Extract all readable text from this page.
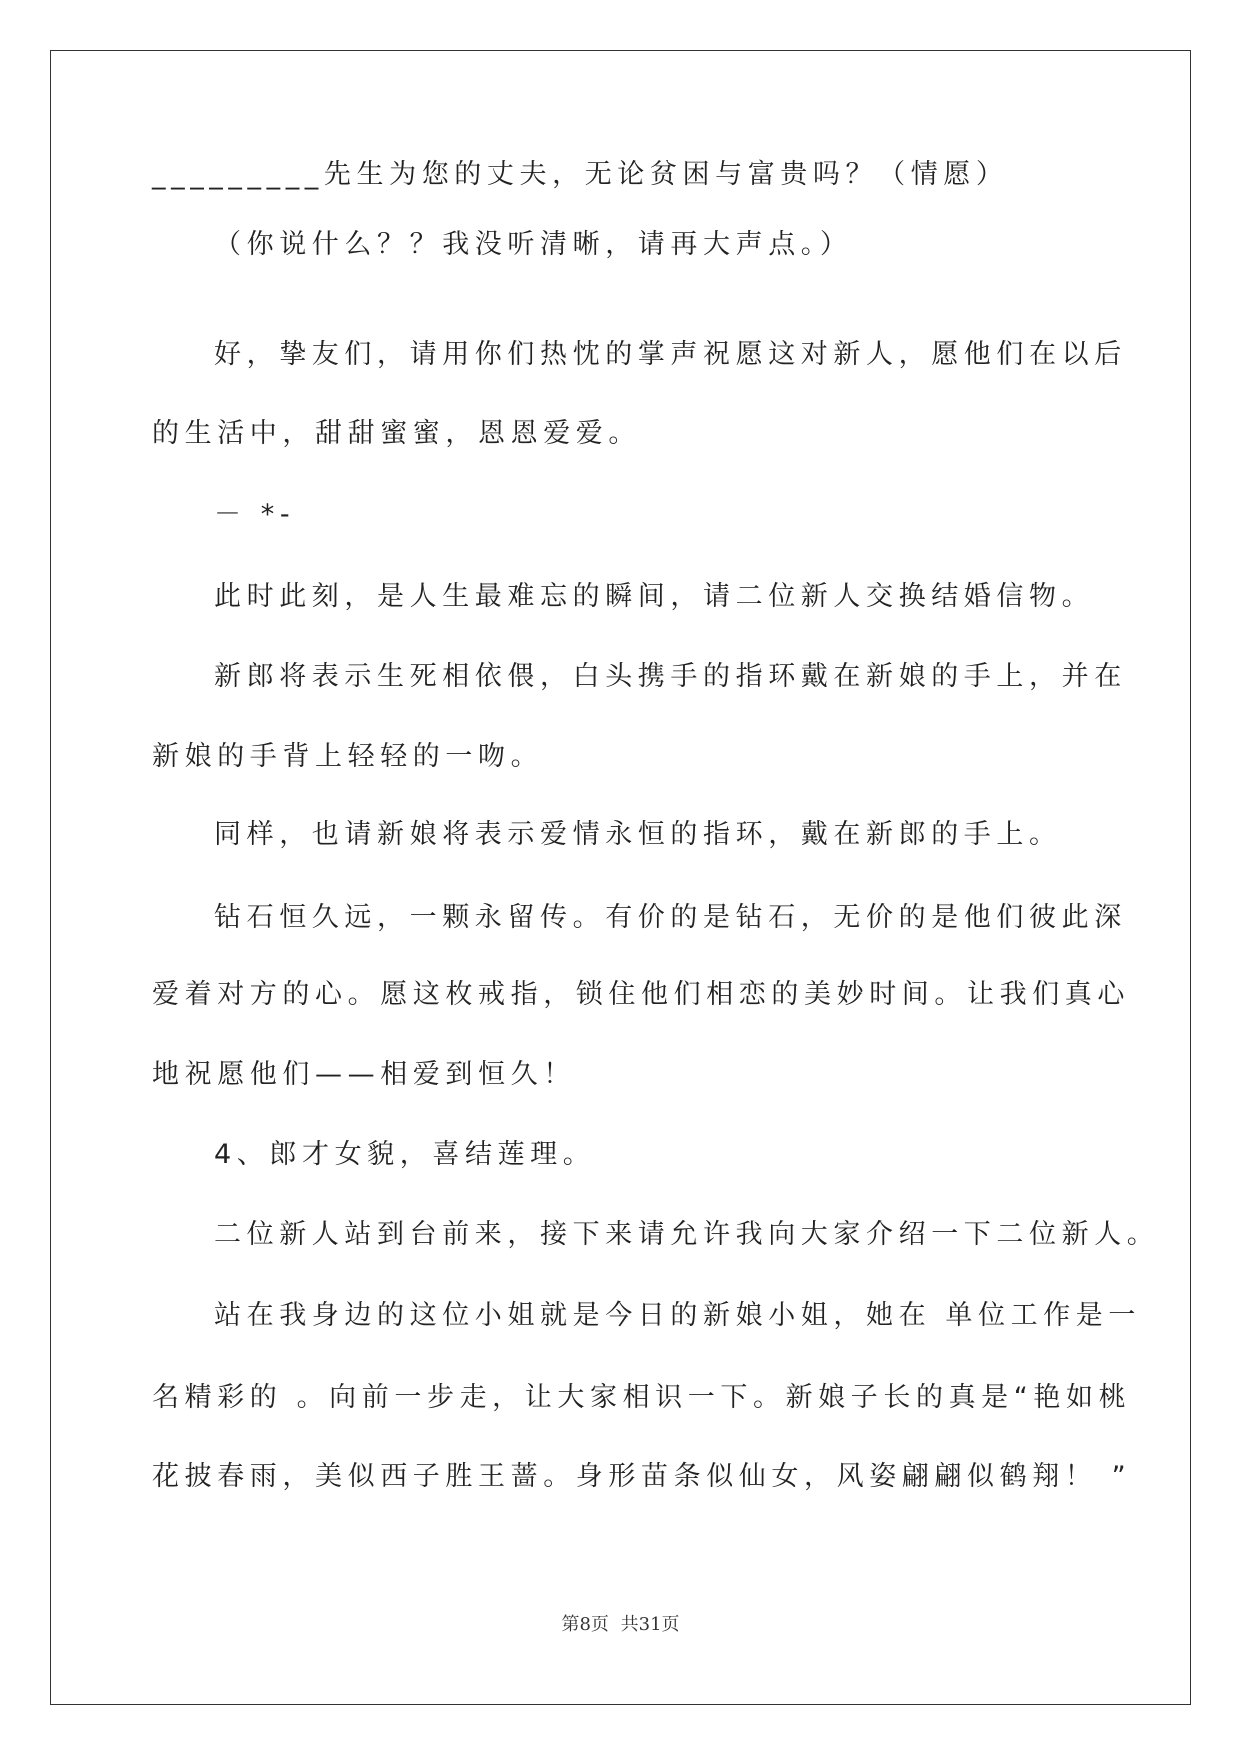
_________先生为您的丈夫，无论贫困与富贵吗？（情愿）
（你说什么？？我没听清晰，请再大声点。）
好，挚友们，请用你们热忱的掌声祝愿这对新人，愿他们在以后
的生活中，甜甜蜜蜜，恩恩爱爱。
－ *-
此时此刻，是人生最难忘的瞬间，请二位新人交换结婚信物。
新郎将表示生死相依偎，白头携手的指环戴在新娘的手上，并在
新娘的手背上轻轻的一吻。
同样，也请新娘将表示爱情永恒的指环，戴在新郎的手上。
钻石恒久远，一颗永留传。有价的是钻石，无价的是他们彼此深
爱着对方的心。愿这枚戒指，锁住他们相恋的美妙时间。让我们真心
地祝愿他们——相爱到恒久！
4、郎才女貌，喜结莲理。
二位新人站到台前来，接下来请允许我向大家介绍一下二位新人。
站在我身边的这位小姐就是今日的新娘小姐，她在 单位工作是一
名精彩的 。向前一步走，让大家相识一下。新娘子长的真是“艳如桃
花披春雨，美似西子胜王蔷。身形苗条似仙女，风姿翩翩似鹤翔！ ”
第8页 共31页
